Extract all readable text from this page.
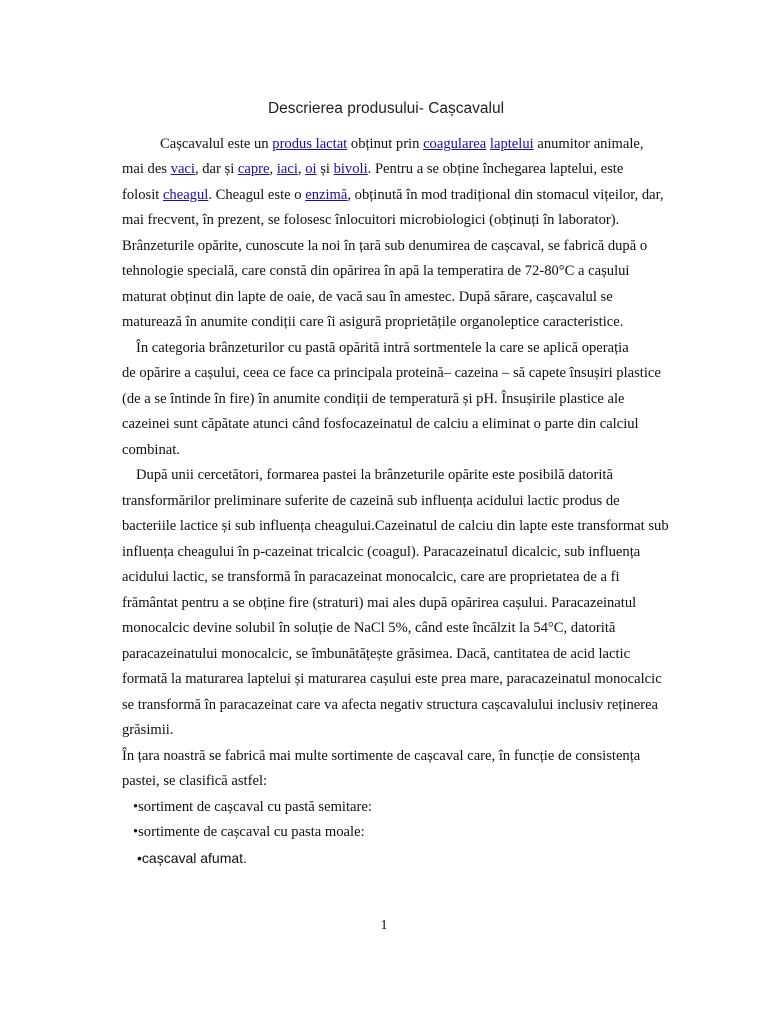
Descrierea produsului- Cașcavalul
Cașcavalul este un produs lactat obținut prin coagularea laptelui anumitor animale,
mai des vaci, dar și capre, iaci, oi și bivoli. Pentru a se obține închegarea laptelui, este
folosit cheagul. Cheagul este o enzimă, obținută în mod tradițional din stomacul vițeilor, dar,
mai frecvent, în prezent, se folosesc înlocuitori microbiologici (obținuți în laborator).
Brânzeturile opărite, cunoscute la noi în țară sub denumirea de cașcaval, se fabrică după o
tehnologie specială, care constă din opărirea în apă la temperatira de 72-80°C a cașului
maturat obținut din lapte de oaie, de vacă sau în amestec. După sărare, cașcavalul se
maturează în anumite condiții care îi asigură proprietățile organoleptice caracteristice.
În categoria brânzeturilor cu pastă opărită intră sortmentele la care se aplică operația
de opărire a cașului, ceea ce face ca principala proteină– cazeina – să capete însușiri plastice
(de a se întinde în fire) în anumite condiții de temperatură și pH. Însușirile plastice ale
cazeinei sunt căpătate atunci când fosfocazeinatul de calciu a eliminat o parte din calciul
combinat.
După unii cercetători, formarea pastei la brânzeturile opărite este posibilă datorită
transformărilor preliminare suferite de cazeină sub influența acidului lactic produs de
bacteriile lactice și sub influența cheagului.Cazeinatul de calciu din lapte este transformat sub
influența cheagului în p-cazeinat tricalcic (coagul). Paracazeinatul dicalcic, sub influența
acidului lactic, se transformă în paracazeinat monocalcic, care are proprietatea de a fi
frământat pentru a se obține fire (straturi) mai ales după opărirea cașului. Paracazeinatul
monocalcic devine solubil în soluție de NaCl 5%, când este încălzit la 54°C, datorită
paracazeinatului monocalcic, se îmbunătățește grăsimea. Dacă, cantitatea de acid lactic
formată la maturarea laptelui și maturarea cașului este prea mare, paracazeinatul monocalcic
se transformă în paracazeinat care va afecta negativ structura cașcavalului inclusiv reținerea
grăsimii.
În țara noastră se fabrică mai multe sortimente de cașcaval care, în funcție de consistența
pastei, se clasifică astfel:
•sortiment de cașcaval cu pastă semitare:
•sortimente de cașcaval cu pasta moale:
•cașcaval afumat.
1
